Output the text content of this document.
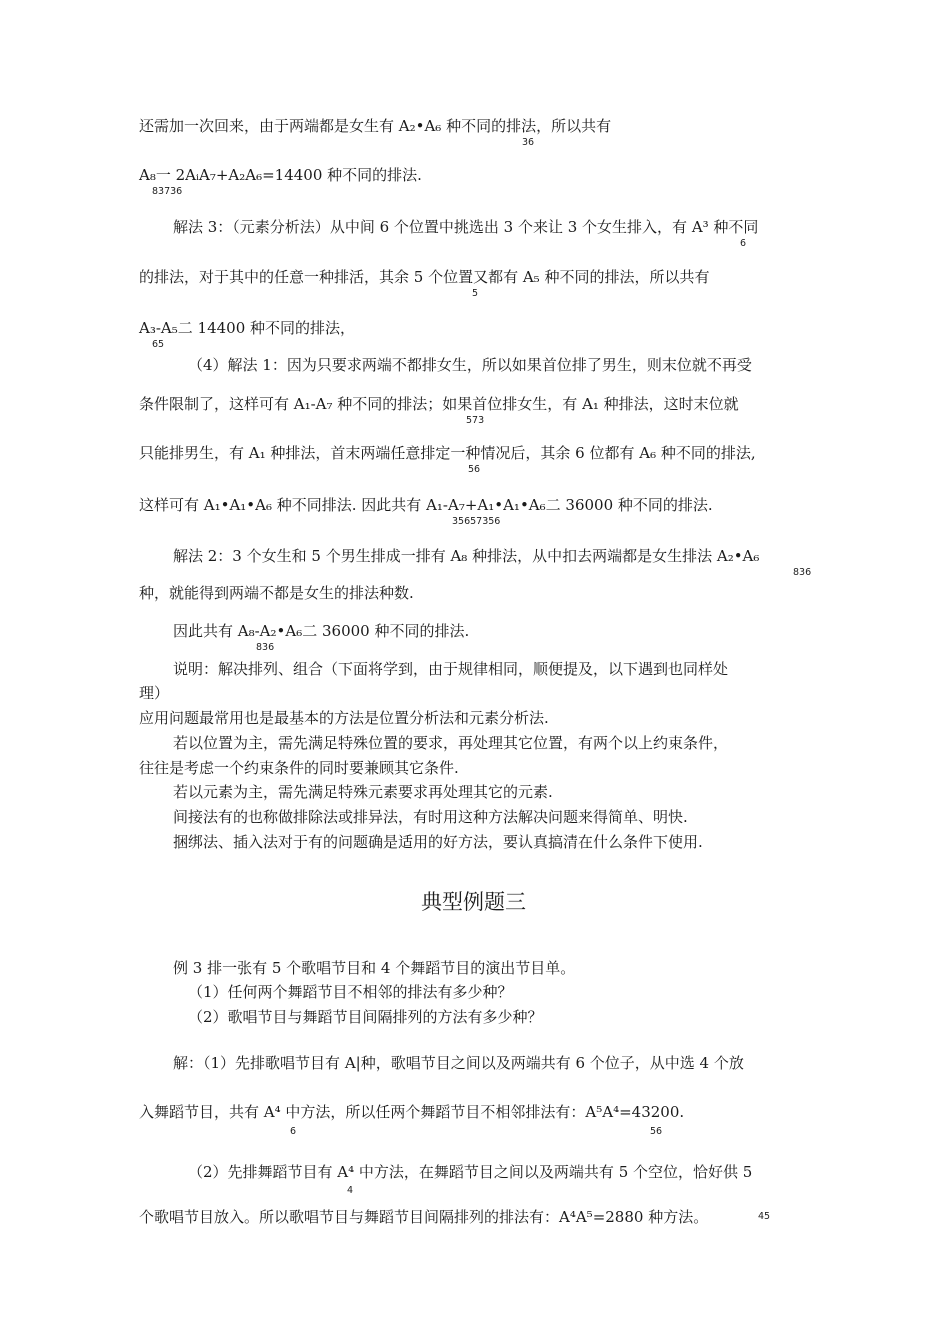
还需加一次回来，由于两端都是女生有 A₂•A₆ 种不同的排法，所以共有
36
A₈一 2AᵢA₇+A₂A₆=14400 种不同的排法.
83736
解法 3：（元素分析法）从中间 6 个位置中挑选出 3 个来让 3 个女生排入，有 A³ 种不同
6
的排法，对于其中的任意一种排活，其余 5 个位置又都有 A₅ 种不同的排法，所以共有
5
A₃-A₅二 14400 种不同的排法，
65
（4）解法 1：因为只要求两端不都排女生，所以如果首位排了男生，则末位就不再受
条件限制了，这样可有 A₁-A₇ 种不同的排法；如果首位排女生，有 A₁ 种排法，这时末位就
573
只能排男生，有 A₁ 种排法，首末两端任意排定一种情况后，其余 6 位都有 A₆ 种不同的排法,
56
这样可有 A₁•A₁•A₆ 种不同排法. 因此共有 A₁-A₇+A₁•A₁•A₆二 36000 种不同的排法.
35657356
解法 2：3 个女生和 5 个男生排成一排有 A₈ 种排法，从中扣去两端都是女生排法 A₂•A₆
836
种，就能得到两端不都是女生的排法种数.
因此共有 A₈-A₂•A₆二 36000 种不同的排法.
836
说明：解决排列、组合（下面将学到，由于规律相同，顺便提及，以下遇到也同样处
理）
应用问题最常用也是最基本的方法是位置分析法和元素分析法.
若以位置为主，需先满足特殊位置的要求，再处理其它位置，有两个以上约束条件，
往往是考虑一个约束条件的同时要兼顾其它条件.
若以元素为主，需先满足特殊元素要求再处理其它的元素.
间接法有的也称做排除法或排异法，有时用这种方法解决问题来得简单、明快.
捆绑法、插入法对于有的问题确是适用的好方法，要认真搞清在什么条件下使用.
典型例题三
例 3 排一张有 5 个歌唱节目和 4 个舞蹈节目的演出节目单。
（1）任何两个舞蹈节目不相邻的排法有多少种？
（2）歌唱节目与舞蹈节目间隔排列的方法有多少种？
解：（1）先排歌唱节目有 A|种，歌唱节目之间以及两端共有 6 个位子，从中选 4 个放
入舞蹈节目，共有 A⁴ 中方法，所以任两个舞蹈节目不相邻排法有：A⁵A⁴=43200.
6	56
（2）先排舞蹈节目有 A⁴ 中方法，在舞蹈节目之间以及两端共有 5 个空位，恰好供 5
4
个歌唱节目放入。所以歌唱节目与舞蹈节目间隔排列的排法有：A⁴A⁵=2880 种方法。	45
